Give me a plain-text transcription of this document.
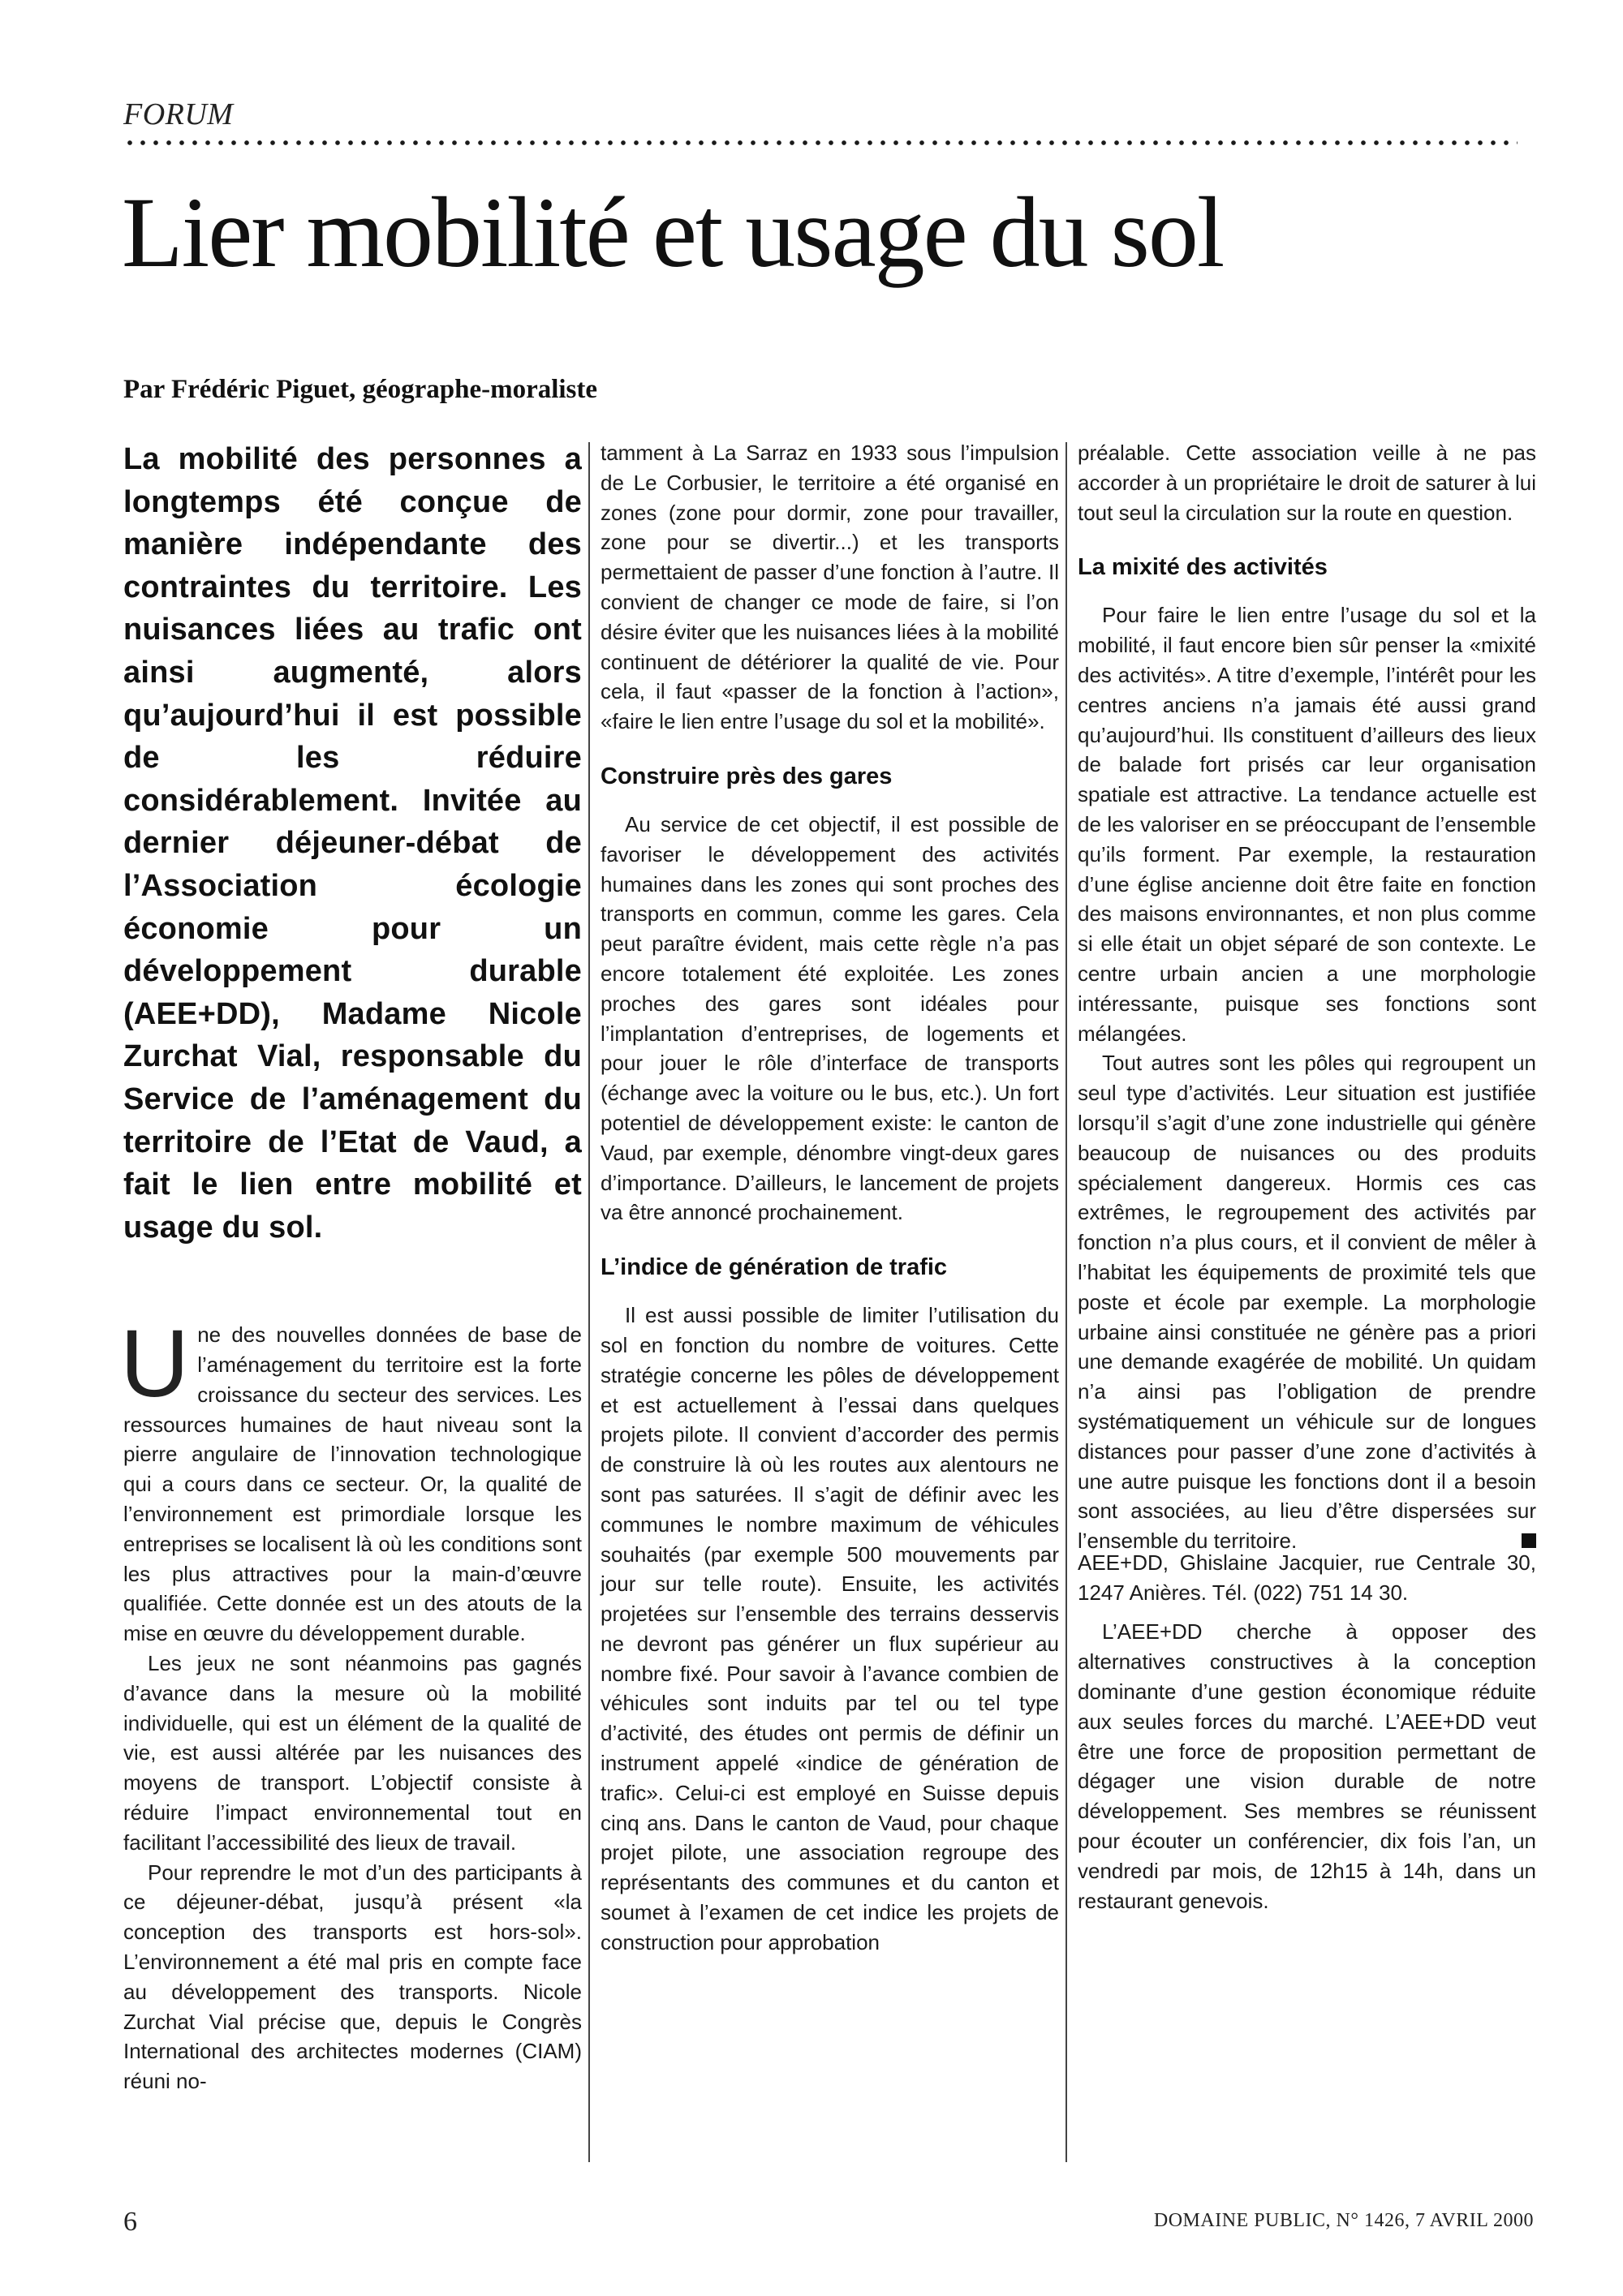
FORUM
Lier mobilité et usage du sol
Par Frédéric Piguet, géographe-moraliste

La mobilité des personnes a longtemps été conçue de manière indépendante des contraintes du territoire. Les nuisances liées au trafic ont ainsi augmenté, alors qu’aujourd’hui il est possible de les réduire considérablement. Invitée au dernier déjeuner-débat de l’Association écologie économie pour un développement durable (AEE+DD), Madame Nicole Zurchat Vial, responsable du Service de l’aménagement du territoire de l’Etat de Vaud, a fait le lien entre mobilité et usage du sol.

Une des nouvelles données de base de l’aménagement du territoire est la forte croissance du secteur des services. Les ressources humaines de haut niveau sont la pierre angulaire de l’innovation technologique qui a cours dans ce secteur. Or, la qualité de l’environnement est primordiale lorsque les entreprises se localisent là où les conditions sont les plus attractives pour la main-d’œuvre qualifiée. Cette donnée est un des atouts de la mise en œuvre du développement durable.

Les jeux ne sont néanmoins pas gagnés d’avance dans la mesure où la mobilité individuelle, qui est un élément de la qualité de vie, est aussi altérée par les nuisances des moyens de transport. L’objectif consiste à réduire l’impact environnemental tout en facilitant l’accessibilité des lieux de travail.

Pour reprendre le mot d’un des participants à ce déjeuner-débat, jusqu’à présent «la conception des transports est hors-sol». L’environnement a été mal pris en compte face au développement des transports. Nicole Zurchat Vial précise que, depuis le Congrès International des architectes modernes (CIAM) réuni no-

tamment à La Sarraz en 1933 sous l’impulsion de Le Corbusier, le territoire a été organisé en zones (zone pour dormir, zone pour travailler, zone pour se divertir...) et les transports permettaient de passer d’une fonction à l’autre. Il convient de changer ce mode de faire, si l’on désire éviter que les nuisances liées à la mobilité continuent de détériorer la qualité de vie. Pour cela, il faut «passer de la fonction à l’action», «faire le lien entre l’usage du sol et la mobilité».

Construire près des gares

Au service de cet objectif, il est possible de favoriser le développement des activités humaines dans les zones qui sont proches des transports en commun, comme les gares. Cela peut paraître évident, mais cette règle n’a pas encore totalement été exploitée. Les zones proches des gares sont idéales pour l’implantation d’entreprises, de logements et pour jouer le rôle d’interface de transports (échange avec la voiture ou le bus, etc.). Un fort potentiel de développement existe: le canton de Vaud, par exemple, dénombre vingt-deux gares d’importance. D’ailleurs, le lancement de projets va être annoncé prochainement.

L’indice de génération de trafic

Il est aussi possible de limiter l’utilisation du sol en fonction du nombre de voitures. Cette stratégie concerne les pôles de développement et est actuellement à l’essai dans quelques projets pilote. Il convient d’accorder des permis de construire là où les routes aux alentours ne sont pas saturées. Il s’agit de définir avec les communes le nombre maximum de véhicules souhaités (par exemple 500 mouvements par jour sur telle route). Ensuite, les activités projetées sur l’ensemble des terrains desservis ne devront pas générer un flux supérieur au nombre fixé. Pour savoir à l’avance combien de véhicules sont induits par tel ou tel type d’activité, des études ont permis de définir un instrument appelé «indice de génération de trafic». Celui-ci est employé en Suisse depuis cinq ans. Dans le canton de Vaud, pour chaque projet pilote, une association regroupe des représentants des communes et du canton et soumet à l’examen de cet indice les projets de construction pour approbation

préalable. Cette association veille à ne pas accorder à un propriétaire le droit de saturer à lui tout seul la circulation sur la route en question.

La mixité des activités

Pour faire le lien entre l’usage du sol et la mobilité, il faut encore bien sûr penser la «mixité des activités». A titre d’exemple, l’intérêt pour les centres anciens n’a jamais été aussi grand qu’aujourd’hui. Ils constituent d’ailleurs des lieux de balade fort prisés car leur organisation spatiale est attractive. La tendance actuelle est de les valoriser en se préoccupant de l’ensemble qu’ils forment. Par exemple, la restauration d’une église ancienne doit être faite en fonction des maisons environnantes, et non plus comme si elle était un objet séparé de son contexte. Le centre urbain ancien a une morphologie intéressante, puisque ses fonctions sont mélangées.

Tout autres sont les pôles qui regroupent un seul type d’activités. Leur situation est justifiée lorsqu’il s’agit d’une zone industrielle qui génère beaucoup de nuisances ou des produits spécialement dangereux. Hormis ces cas extrêmes, le regroupement des activités par fonction n’a plus cours, et il convient de mêler à l’habitat les équipements de proximité tels que poste et école par exemple. La morphologie urbaine ainsi constituée ne génère pas a priori une demande exagérée de mobilité. Un quidam n’a ainsi pas l’obligation de prendre systématiquement un véhicule sur de longues distances pour passer d’une zone d’activités à une autre puisque les fonctions dont il a besoin sont associées, au lieu d’être dispersées sur l’ensemble du territoire.

AEE+DD, Ghislaine Jacquier, rue Centrale 30, 1247 Anières. Tél. (022) 751 14 30.

L’AEE+DD cherche à opposer des alternatives constructives à la conception dominante d’une gestion économique réduite aux seules forces du marché. L’AEE+DD veut être une force de proposition permettant de dégager une vision durable de notre développement. Ses membres se réunissent pour écouter un conférencier, dix fois l’an, un vendredi par mois, de 12h15 à 14h, dans un restaurant genevois.

6	DOMAINE PUBLIC, N° 1426, 7 AVRIL 2000
